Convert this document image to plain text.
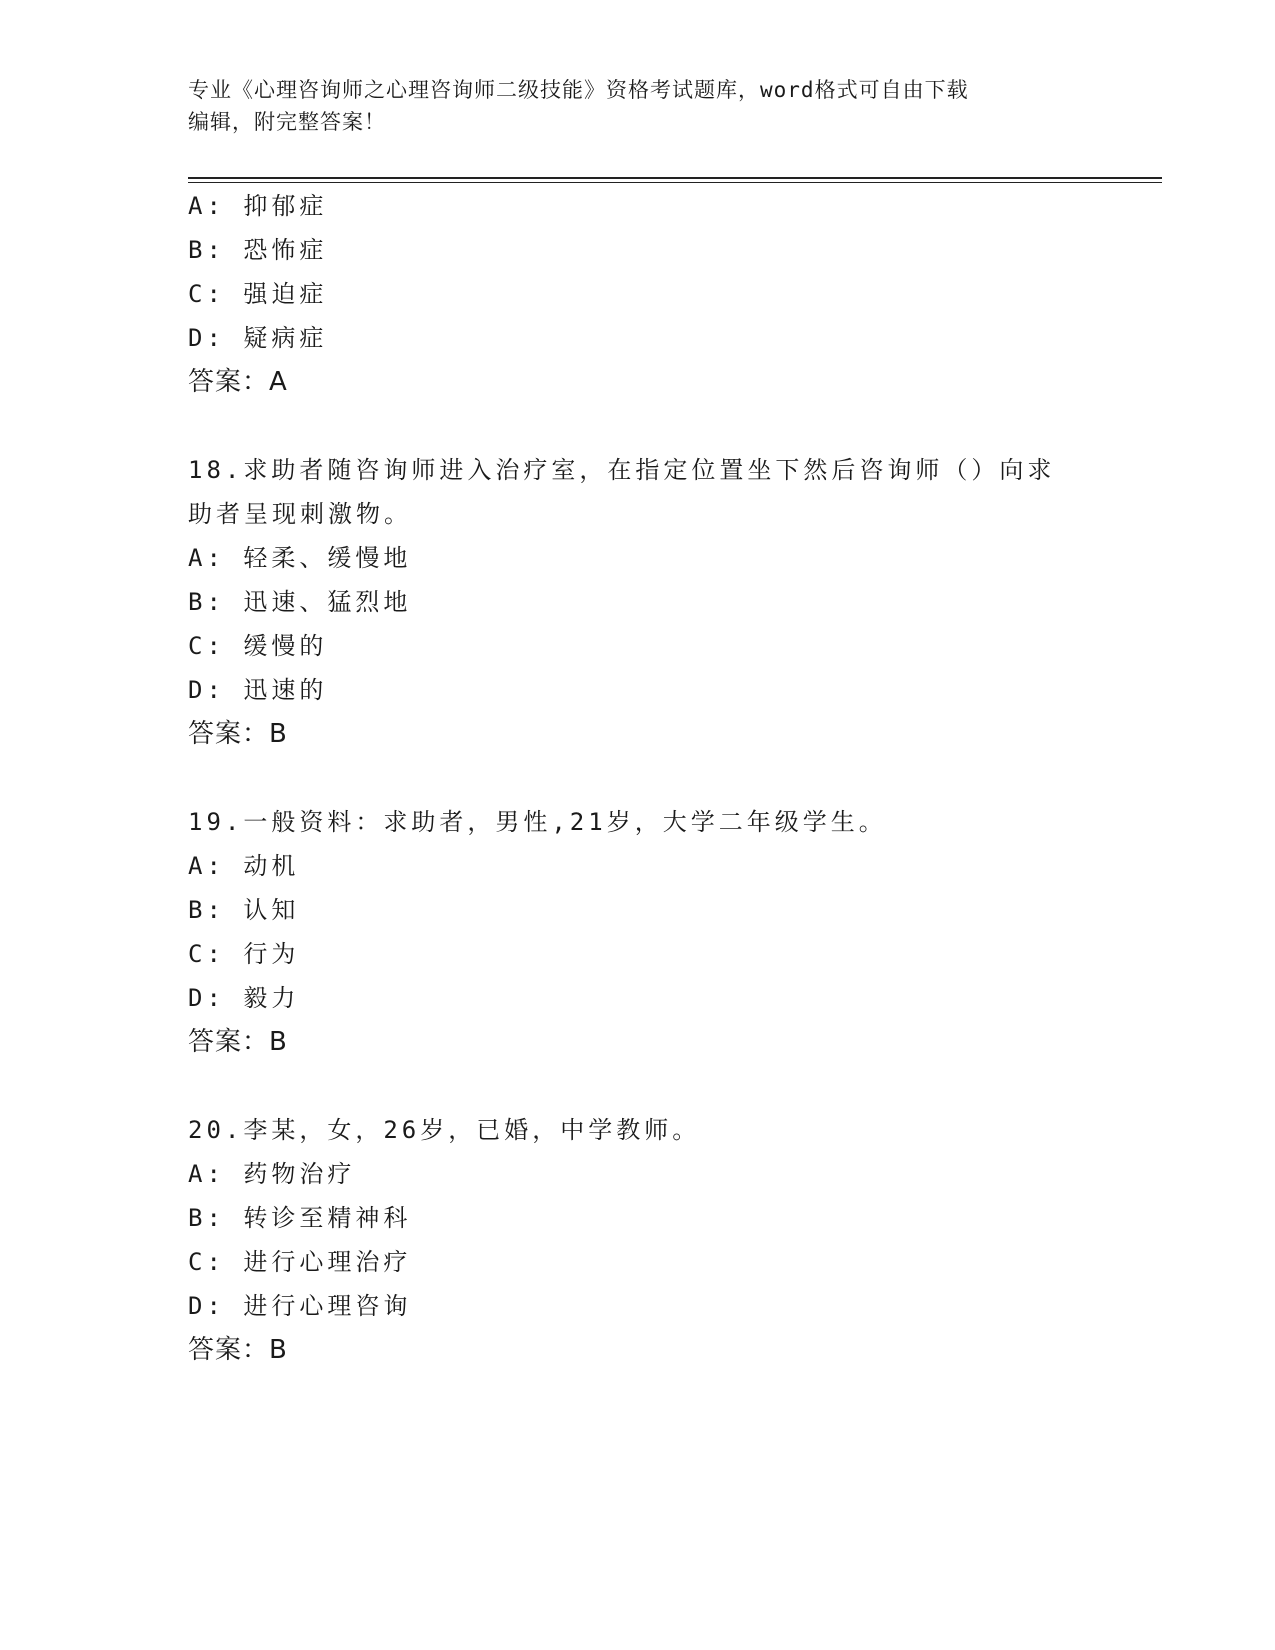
专业《心理咨询师之心理咨询师二级技能》资格考试题库，word格式可自由下载
编辑，附完整答案！
A: 抑郁症
B: 恐怖症
C: 强迫症
D: 疑病症
答案：A
18.求助者随咨询师进入治疗室，在指定位置坐下然后咨询师（）向求
助者呈现刺激物。
A: 轻柔、缓慢地
B: 迅速、猛烈地
C: 缓慢的
D: 迅速的
答案：B
19.一般资料：求助者，男性,21岁，大学二年级学生。
A: 动机
B: 认知
C: 行为
D: 毅力
答案：B
20.李某，女，26岁，已婚，中学教师。
A: 药物治疗
B: 转诊至精神科
C: 进行心理治疗
D: 进行心理咨询
答案：B
